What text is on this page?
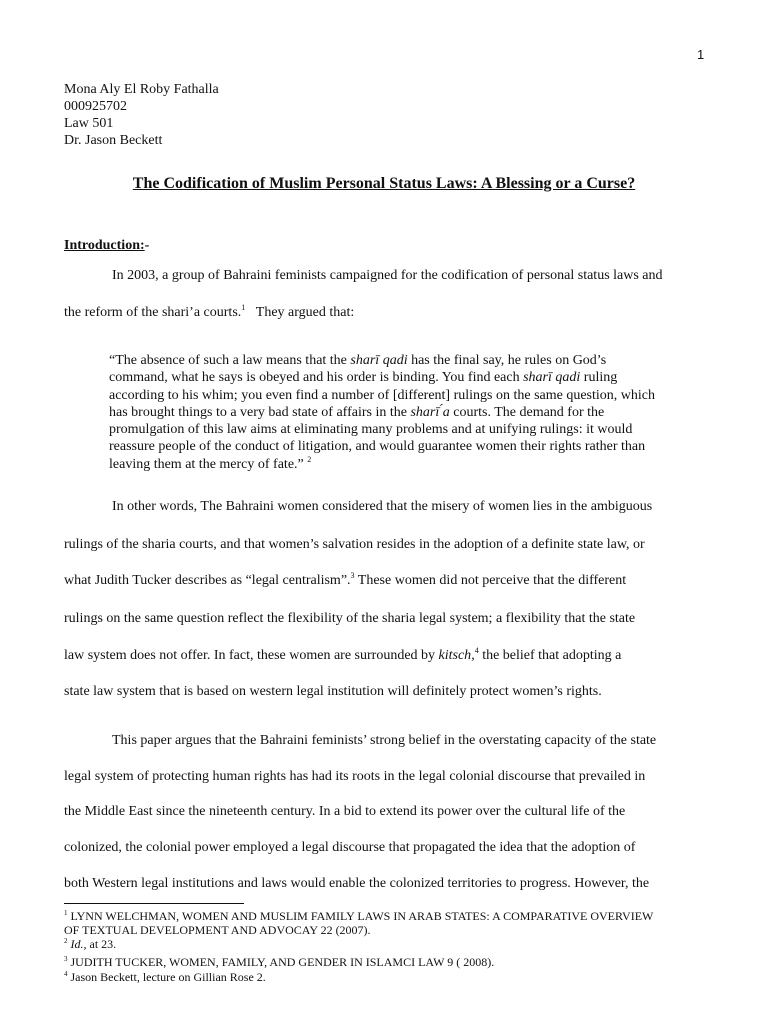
1
Mona Aly El Roby Fathalla
000925702
Law 501
Dr. Jason Beckett
The Codification of Muslim Personal Status Laws: A Blessing or a Curse?
Introduction:-
In 2003, a group of Bahraini feminists campaigned for the codification of personal status laws and
the reform of the shari’a courts.$^1$ They argued that:
“The absence of such a law means that the sharī qadi has the final say, he rules on God’s
command, what he says is obeyed and his order is binding. You find each sharī qadi ruling
according to his whim; you even find a number of [different] rulings on the same question, which
has brought things to a very bad state of affairs in the sharī ́a courts. The demand for the
promulgation of this law aims at eliminating many problems and at unifying rulings: it would
reassure people of the conduct of litigation, and would guarantee women their rights rather than
leaving them at the mercy of fate.” $^2$
In other words, The Bahraini women considered that the misery of women lies in the ambiguous
rulings of the sharia courts, and that women’s salvation resides in the adoption of a definite state law, or
what Judith Tucker describes as “legal centralism”.$^3$ These women did not perceive that the different
rulings on the same question reflect the flexibility of the sharia legal system; a flexibility that the state
law system does not offer. In fact, these women are surrounded by kitsch,$^4$ the belief that adopting a
state law system that is based on western legal institution will definitely protect women’s rights.
This paper argues that the Bahraini feminists’ strong belief in the overstating capacity of the state
legal system of protecting human rights has had its roots in the legal colonial discourse that prevailed in
the Middle East since the nineteenth century. In a bid to extend its power over the cultural life of the
colonized, the colonial power employed a legal discourse that propagated the idea that the adoption of
both Western legal institutions and laws would enable the colonized territories to progress. However, the
$^1$ LYNN WELCHMAN, WOMEN AND MUSLIM FAMILY LAWS IN ARAB STATES: A COMPARATIVE OVERVIEW
OF TEXTUAL DEVELOPMENT AND ADVOCAY 22 (2007).
$^2$ Id., at 23.
$^3$ JUDITH TUCKER, WOMEN, FAMILY, AND GENDER IN ISLAMCI LAW 9 ( 2008).
$^4$ Jason Beckett, lecture on Gillian Rose 2.
